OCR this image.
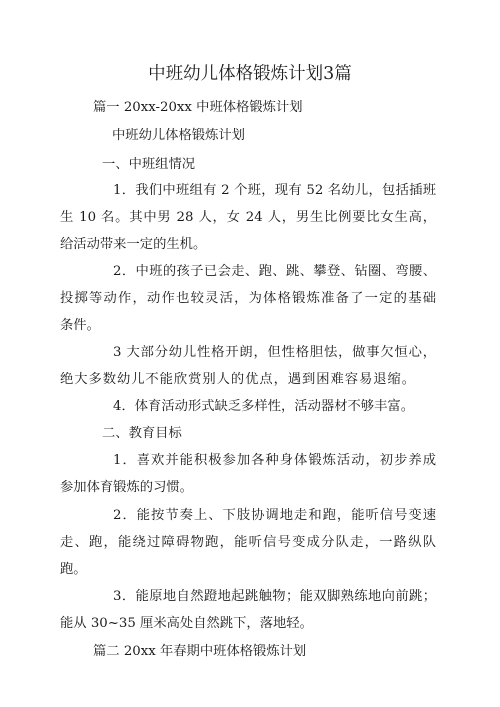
中班幼儿体格锻炼计划3篇
篇一 20xx-20xx 中班体格锻炼计划
中班幼儿体格锻炼计划
一、中班组情况
1．我们中班组有 2 个班，现有 52 名幼儿，包括插班
生 10 名。其中男 28 人，女 24 人，男生比例要比女生高，
给活动带来一定的生机。
2．中班的孩子已会走、跑、跳、攀登、钻圈、弯腰、
投掷等动作，动作也较灵活，为体格锻炼准备了一定的基础
条件。
3 大部分幼儿性格开朗，但性格胆怯，做事欠恒心，
绝大多数幼儿不能欣赏别人的优点，遇到困难容易退缩。
4．体育活动形式缺乏多样性，活动器材不够丰富。
二、教育目标
1．喜欢并能积极参加各种身体锻炼活动，初步养成
参加体育锻炼的习惯。
2．能按节奏上、下肢协调地走和跑，能听信号变速
走、跑，能绕过障碍物跑，能听信号变成分队走，一路纵队
跑。
3．能原地自然蹬地起跳触物；能双脚熟练地向前跳；
能从 30~35 厘米高处自然跳下，落地轻。
篇二 20xx 年春期中班体格锻炼计划
